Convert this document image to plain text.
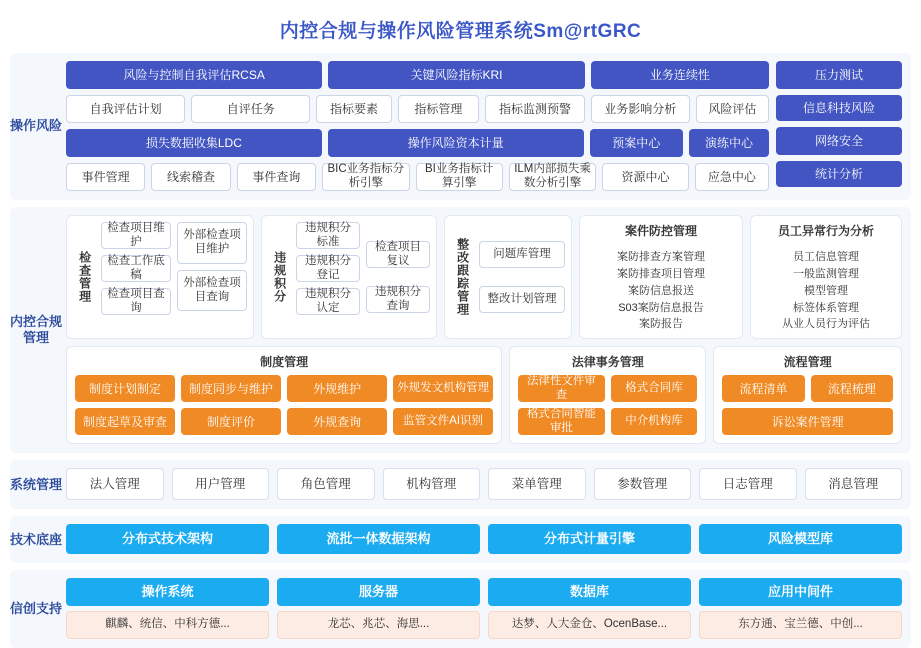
内控合规与操作风险管理系统Sm@rtGRC
操作风险
风险与控制自我评估RCSA	关键风险指标KRI	业务连续性
自我评估计划	自评任务	指标要素	指标管理	指标监测预警	业务影响分析	风险评估
损失数据收集LDC	操作风险资本计量	预案中心	演练中心
事件管理	线索稽查	事件查询
BIC业务指标分析引擎
BI业务指标计算引擎
ILM内部损失乘数分析引擎	资源中心	应急中心
压力测试
信息科技风险
网络安全
统计分析
内控合规管理
检查管理
检查项目维护
检查工作底稿
检查项目查询
外部检查项目维护
外部检查项目查询	违规积分
违规积分标准
违规积分登记
违规积分认定
检查项目复议
违规积分查询	整改跟踪管理	问题库管理
整改计划管理
案件防控管理
案防排查方案管理
案防排查项目管理
案防信息报送
S03案防信息报告
案防报告
员工异常行为分析
员工信息管理
一般监测管理
模型管理
标签体系管理
从业人员行为评估
制度管理
制度计划制定	制度同步与维护	外规维护	外规发文机构管理
制度起草及审查	制度评价	外规查询	监管文件AI识别
法律事务管理
法律性文件审查
格式合同库
格式合同智能审批
中介机构库
流程管理
流程清单	流程梳理
诉讼案件管理
系统管理	法人管理	用户管理	角色管理	机构管理	菜单管理	参数管理	日志管理	消息管理
技术底座	分布式技术架构	流批一体数据架构	分布式计量引擎	风险模型库
信创支持
操作系统
麒麟、统信、中科方德...
服务器
龙芯、兆芯、海思...
数据库
达梦、人大金仓、OcenBase...
应用中间件
东方通、宝兰德、中创...
